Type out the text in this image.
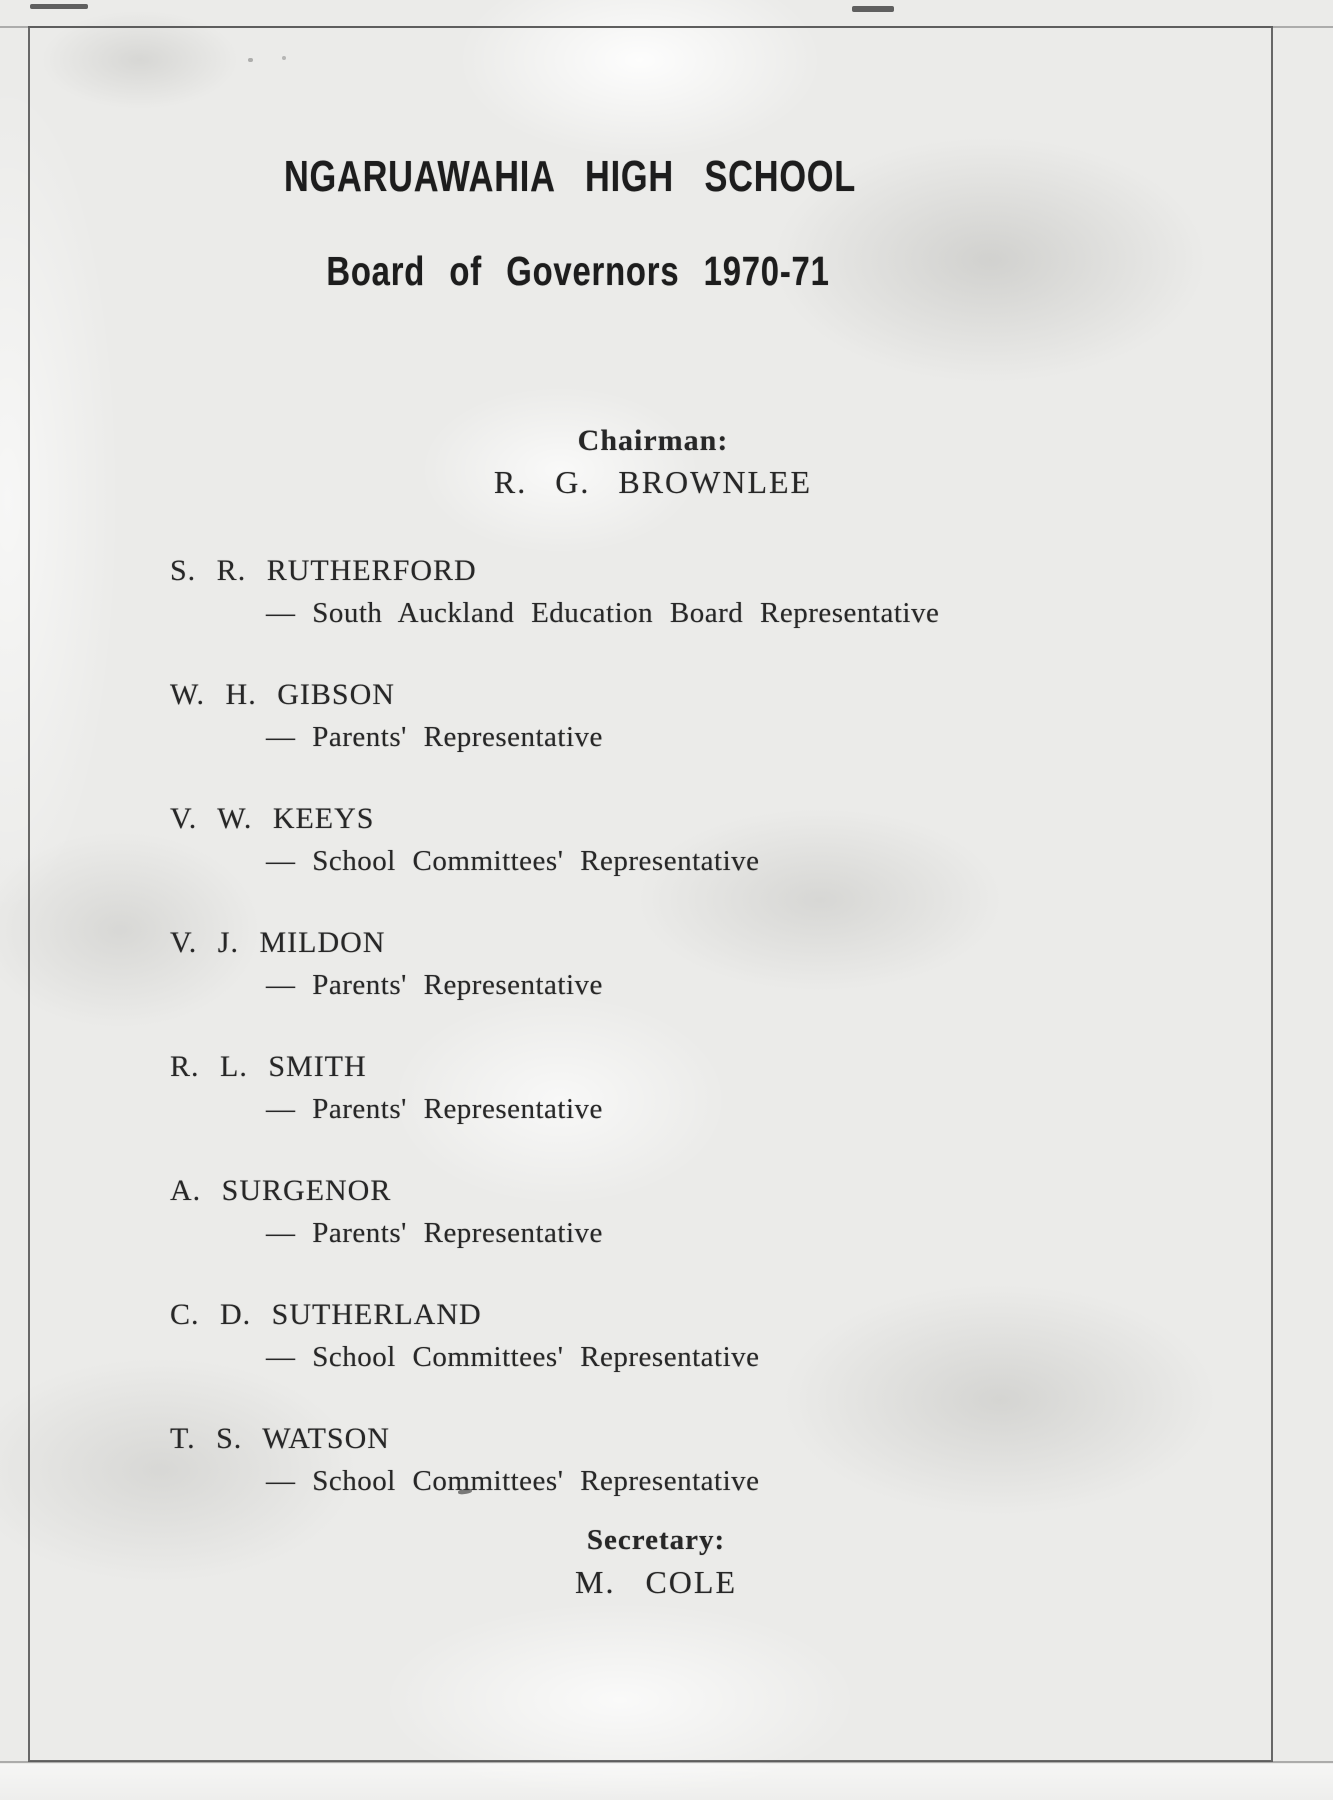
NGARUAWAHIA HIGH SCHOOL
Board of Governors 1970-71
Chairman:
R. G. BROWNLEE
S. R. RUTHERFORD
— South Auckland Education Board Representative
W. H. GIBSON
— Parents' Representative
V. W. KEEYS
— School Committees' Representative
V. J. MILDON
— Parents' Representative
R. L. SMITH
— Parents' Representative
A. SURGENOR
— Parents' Representative
C. D. SUTHERLAND
— School Committees' Representative
T. S. WATSON
— School Committees' Representative
Secretary:
M. COLE
